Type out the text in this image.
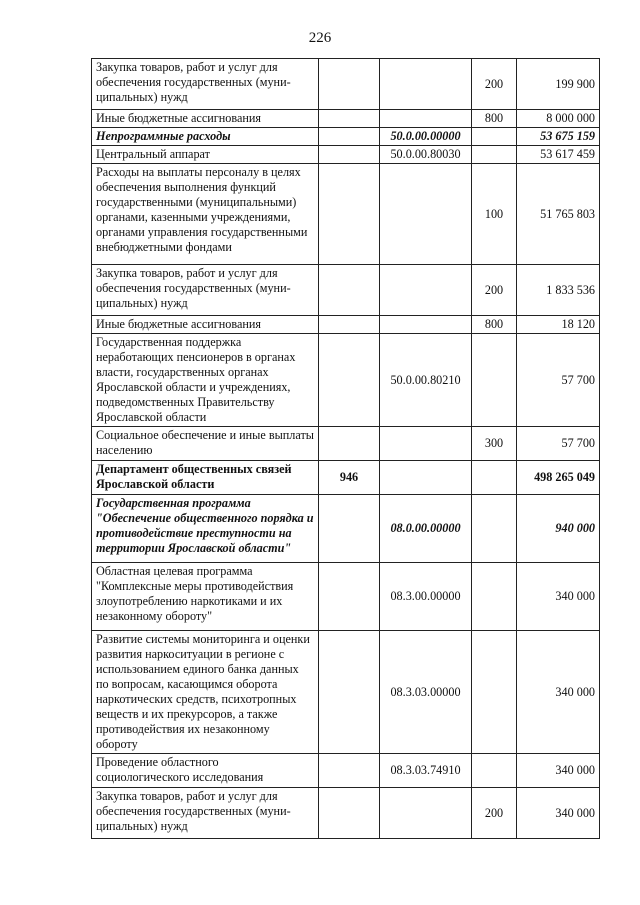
226
Закупка товаров, работ и услуг для обеспечения государственных (муни-ципальных) нужд			200	199 900
Иные бюджетные ассигнования			800	8 000 000
Непрограммные расходы		50.0.00.00000		53 675 159
Центральный аппарат		50.0.00.80030		53 617 459
Расходы на выплаты персоналу в целях обеспечения выполнения функций государственными (муниципальными) органами, казенными учреждениями, органами управления государственными внебюджетными фондами			100	51 765 803
Закупка товаров, работ и услуг для обеспечения государственных (муни-ципальных) нужд			200	1 833 536
Иные бюджетные ассигнования			800	18 120
Государственная поддержка неработающих пенсионеров в органах власти, государственных органах Ярославской области и учреждениях, подведомственных Правительству Ярославской области		50.0.00.80210		57 700
Социальное обеспечение и иные выплаты населению			300	57 700
Департамент общественных связей Ярославской области	946			498 265 049
Государственная программа "Обеспечение общественного порядка и противодействие преступности на территории Ярославской области"		08.0.00.00000		940 000
Областная целевая программа "Комплексные меры противодействия злоупотреблению наркотиками и их незаконному обороту"		08.3.00.00000		340 000
Развитие системы мониторинга и оценки развития наркоситуации в регионе с использованием единого банка данных по вопросам, касающимся оборота наркотических средств, психотропных веществ и их прекурсоров, а также противодействия их незаконному обороту		08.3.03.00000		340 000
Проведение областного социологического исследования		08.3.03.74910		340 000
Закупка товаров, работ и услуг для обеспечения государственных (муни-ципальных) нужд			200	340 000
